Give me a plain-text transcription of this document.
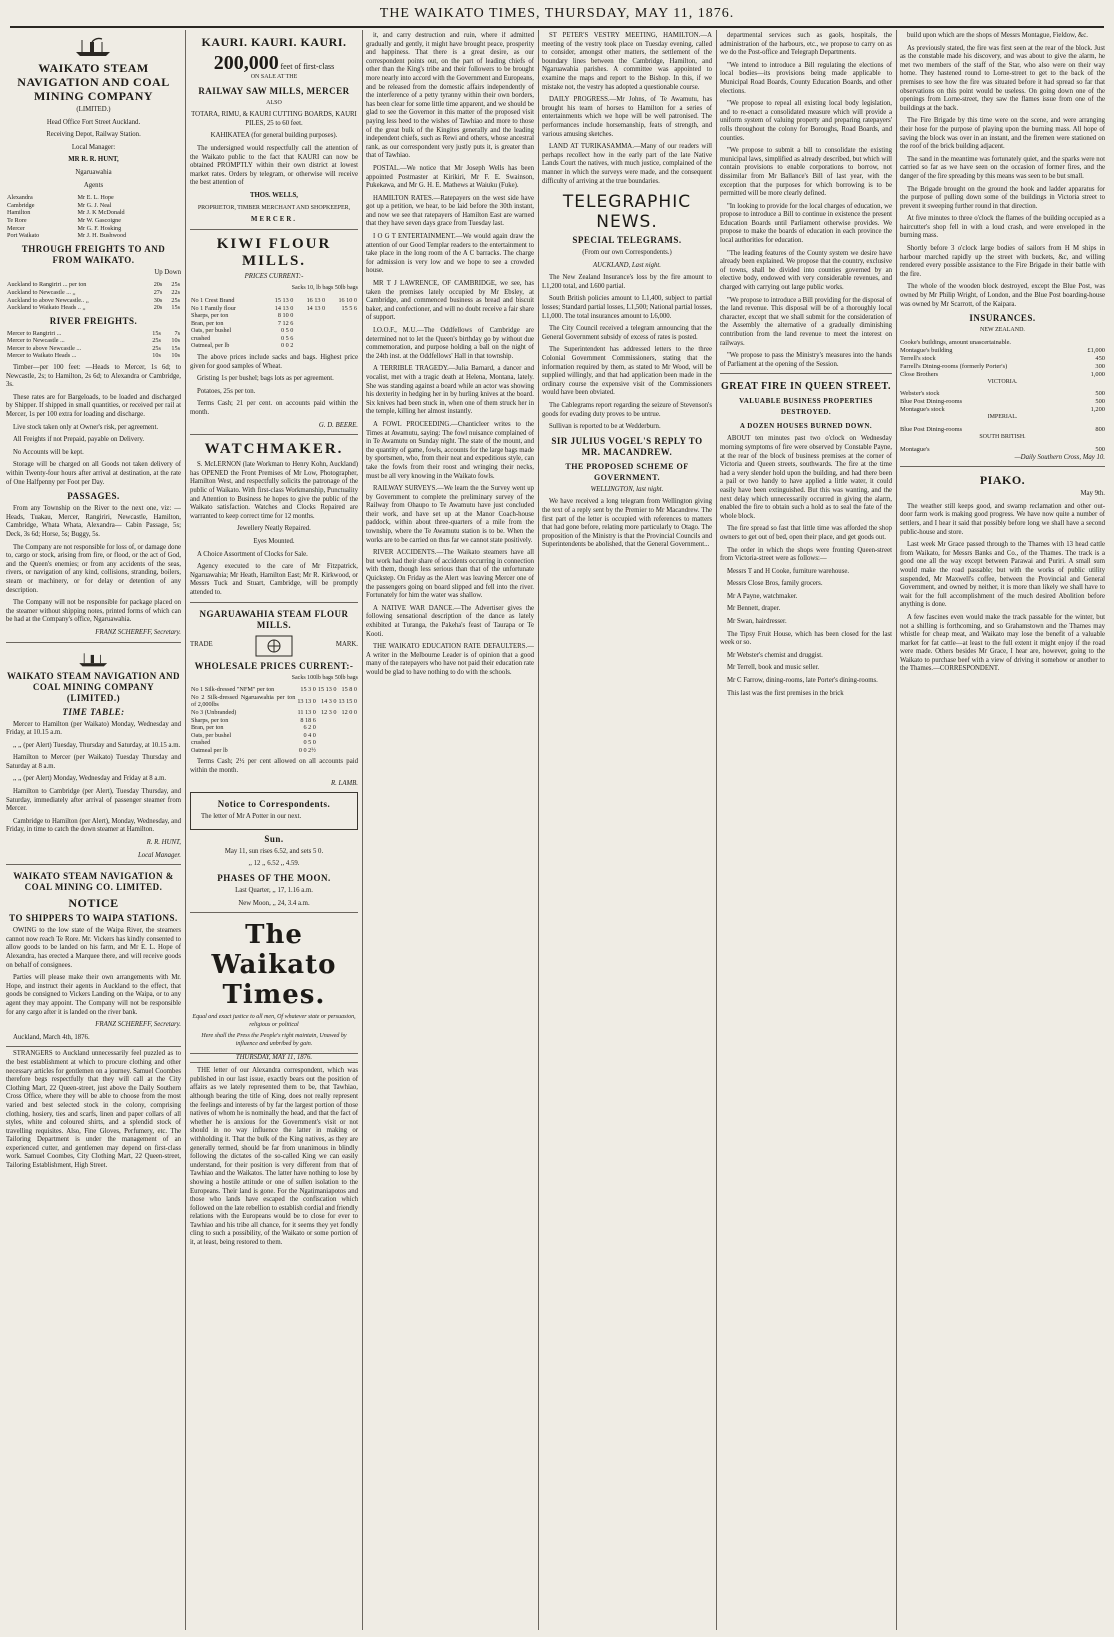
THE WAIKATO TIMES, THURSDAY, MAY 11, 1876.
WAIKATO STEAM NAVIGATION AND COAL MINING COMPANY

(LIMITED.)

Head Office Fort Street Auckland.

Receiving Depot, Railway Station.

Local Manager:

MR R. R. HUNT,

Ngaruawahia

Agents

Alexandra	Mr E. L. Hope
Cambridge	Mr G. J. Neal
Hamilton	Mr J. K McDonald
Te Rore	Mr W. Gascoigne
Mercer	Mr G. F. Hosking
Port Waikato	Mr J. H. Bushwood
THROUGH FREIGHTS TO AND FROM WAIKATO.

Up Down

Auckland to Rangiriri ... per ton	20s	25s
Auckland to Newcastle ... ,,	27s	22s
Auckland to above Newcastle.. ,,	30s	25s
Auckland to Waikato Heads .. ,,	20s	15s
RIVER FREIGHTS.
Mercer to Rangiriri ...	15s	7s
Mercer to Newcastle ...	25s	10s
Mercer to above Newcastle ...	25s	15s
Mercer to Waikato Heads ...	10s	10s

Timber—per 100 feet: —Heads to Mercer, 1s 6d; to Newcastle, 2s; to Hamilton, 2s 6d; to Alexandra or Cambridge, 3s.

These rates are for Bargeloads, to be loaded and discharged by Shipper. If shipped in small quantities, or received per rail at Mercer, 1s per 100 extra for loading and discharge.

Live stock taken only at Owner's risk, per agreement.

All Freights if not Prepaid, payable on Delivery.

No Accounts will be kept.

Storage will be charged on all Goods not taken delivery of within Twenty-four hours after arrival at destination, at the rate of One Halfpenny per Foot per Day.

PASSAGES.

From any Township on the River to the next one, viz: — Heads, Tuakau, Mercer, Rangiriri, Newcastle, Hamilton, Cambridge, Whata Whata, Alexandra— Cabin Passage, 5s; Deck, 3s 6d; Horse, 5s; Buggy, 5s.

The Company are not responsible for loss of, or damage done to, cargo or stock, arising from fire, or flood, or the act of God, and the Queen's enemies; or from any accidents of the seas, rivers, or navigation of any kind, collisions, stranding, boilers, steam or machinery, or for delay or detention of any description.

The Company will not be responsible for package placed on the steamer without shipping notes, printed forms of which can be had at the Company's office, Ngaruawahia.

FRANZ SCHEREFF, Secretary.

WAIKATO STEAM NAVIGATION AND COAL MINING COMPANY (LIMITED.)
TIME TABLE:

Mercer to Hamilton (per Waikato) Monday, Wednesday and Friday, at 10.15 a.m.

,, ,, (per Alert) Tuesday, Thursday and Saturday, at 10.15 a.m.

Hamilton to Mercer (per Waikato) Tuesday Thursday and Saturday at 8 a.m.

,, ,, (per Alert) Monday, Wednesday and Friday at 8 a.m.

Hamilton to Cambridge (per Alert), Tuesday Thursday, and Saturday, immediately after arrival of passenger steamer from Mercer.

Cambridge to Hamilton (per Alert), Monday, Wednesday, and Friday, in time to catch the down steamer at Hamilton.

R. R. HUNT,

Local Manager.

WAIKATO STEAM NAVIGATION & COAL MINING CO. LIMITED.
NOTICE
TO SHIPPERS TO WAIPA STATIONS.

OWING to the low state of the Waipa River, the steamers cannot now reach Te Rore. Mr. Vickers has kindly consented to allow goods to be landed on his farm, and Mr E. L. Hope of Alexandra, has erected a Marquee there, and will receive goods on behalf of consignees.

Parties will please make their own arrangements with Mr. Hope, and instruct their agents in Auckland to the effect, that goods be consigned to Vickers Landing on the Waipa, or to any agent they may appoint. The Company will not be responsible for any cargo after it is landed on the river bank.

FRANZ SCHEREFF, Secretary.

Auckland, March 4th, 1876.

STRANGERS to Auckland unnecessarily feel puzzled as to the best establishment at which to procure clothing and other necessary articles for gentlemen on a journey. Samuel Coombes therefore begs respectfully that they will call at the City Clothing Mart, 22 Queen-street, just above the Daily Southern Cross Office, where they will be able to choose from the most varied and best selected stock in the colony, comprising clothing, hosiery, ties and scarfs, linen and paper collars of all styles, white and coloured shirts, and a splendid stock of travelling requisites. Also, Fine Gloves, Perfumery, etc. The Tailoring Department is under the management of an experienced cutter, and gentlemen may depend on first-class work. Samuel Coombes, City Clothing Mart, 22 Queen-street, Tailoring Establishment, High Street.

KAURI. KAURI. KAURI.
200,000 feet of first-class

ON SALE AT THE

RAILWAY SAW MILLS, MERCER

ALSO

TOTARA, RIMU, & KAURI CUTTING BOARDS, KAURI PILES, 25 to 60 feet.

KAHIKATEA (for general building purposes).

The undersigned would respectfully call the attention of the Waikato public to the fact that KAURI can now be obtained PROMPTLY within their own district at lowest market rates. Orders by telegram, or otherwise will receive the best attention of

THOS. WELLS,

PROPRIETOR, TIMBER MERCHANT AND SHOPKEEPER,

MERCER.

KIWI FLOUR MILLS.

PRICES CURRENT:-

Sacks 10, lb bags 50lb bags

No 1 Crest Brand	15 13 0	16 13 0	16 10 0
No 1 Family flour	14 13 0	14 13 0	15 5 6
Sharps, per ton	8 10 0		
Bran, per ton	7 12 6		
Oats, per bushel	0 5 0		
crushed	0 5 6		
Oatmeal, per lb	0 0 2		

The above prices include sacks and bags. Highest price given for good samples of Wheat.

Gristing 1s per bushel; bags lots as per agreement.

Potatoes, 25s per ton.

Terms Cash; 21 per cent. on accounts paid within the month.

G. D. BEERE.

WATCHMAKER.

S. McLERNON (late Workman to Henry Kohn, Auckland) has OPENED the Front Premises of Mr Low, Photographer, Hamilton West, and respectfully solicits the patronage of the public of Waikato. With first-class Workmanship, Punctuality and Attention to Business he hopes to give the public of the Waikato satisfaction. Watches and Clocks Repaired are warranted to keep correct time for 12 months.

Jewellery Neatly Repaired.

Eyes Mounted.

A Choice Assortment of Clocks for Sale.

Agency executed to the care of Mr Fitzpatrick, Ngaruawahia; Mr Heath, Hamilton East; Mr R. Kirkwood, or Messrs Tuck and Stuart, Cambridge, will be promptly attended to.

NGARUAWAHIA STEAM FLOUR MILLS.
TRADE	MARK.
WHOLESALE PRICES CURRENT:-

Sacks 100lb bags 50lb bags

No 1 Silk-dressed "NFM" per ton	15 3 0	15 13 0	15 8 0
No 2 Silk-dressed Ngaruawahia per ton of 2,000lbs	13 13 0	14 3 0	13 15 0
No 3 (Unbranded)	11 13 0	12 3 0	12 0 0
Sharps, per ton	8 18 6		
Bran, per ton	6 2 0		
Oats, per bushel	0 4 0		
crushed	0 5 0		
Oatmeal per lb	0 0 2½		

Terms Cash; 2½ per cent allowed on all accounts paid within the month.

R. LAMB.

Notice to Correspondents.

The letter of Mr A Potter in our next.

Sun.

May 11, sun rises 6.52, and sets 5 0.

,, 12 ,, 6.52 ,, 4.59.

PHASES OF THE MOON.

Last Quarter, ,, 17, 1.16 a.m.

New Moon, ,, 24, 3.4 a.m.

The Waikato Times.

Equal and exact justice to all men, Of whatever state or persuasion, religious or political

Here shall the Press the People's right maintain, Unawed by influence and unbribed by gain.

THURSDAY, MAY 11, 1876.

THE letter of our Alexandra correspondent, which was published in our last issue, exactly bears out the position of affairs as we lately represented them to be, that Tawhiao, although bearing the title of King, does not really represent the feelings and interests of by far the largest portion of those natives of whom he is nominally the head, and that the fact of whether he is anxious for the Government's visit or not should in no way influence the latter in making or withholding it. That the bulk of the King natives, as they are generally termed, should be far from unanimous in blindly following the dictates of the so-called King we can easily understand, for their position is very different from that of Tawhiao and the Waikatos. The latter have nothing to lose by showing a hostile attitude or one of sullen isolation to the Europeans. Their land is gone. For the Ngatimaniapotos and those who lands have escaped the confiscation which followed on the late rebellion to establish cordial and friendly relations with the Europeans would be to close for ever to Tawhiao and his tribe all chance, for it seems they yet fondly cling to such a possibility, of the Waikato or some portion of it, at least, being restored to them.

it, and carry destruction and ruin, where if admitted gradually and gently, it might have brought peace, prosperity and happiness. That there is a great desire, as our correspondent points out, on the part of leading chiefs of other than the King's tribe and their followers to be brought more nearly into accord with the Government and Europeans, and be released from the domestic affairs independently of the interference of a petty tyranny within their own borders, has been clear for some little time apparent, and we should be glad to see the Governor in this matter of the proposed visit paying less heed to the wishes of Tawhiao and more to those of the great bulk of the Kingites generally and the leading independent chiefs, such as Rewi and others, whose ancestral rank, as our correspondent very justly puts it, is greater than that of Tawhiao.

POSTAL.—We notice that Mr Joseph Wells has been appointed Postmaster at Kirikiri, Mr F. E. Swainson, Pukekawa, and Mr G. H. E. Mathews at Waiuku (Fuke).

HAMILTON RATES.—Ratepayers on the west side have got up a petition, we hear, to be laid before the 30th instant, and now we see that ratepayers of Hamilton East are warned that they have seven days grace from Tuesday last.

I O G T ENTERTAINMENT.—We would again draw the attention of our Good Templar readers to the entertainment to take place in the long room of the A C barracks. The charge for admission is very low and we hope to see a crowded house.

MR T J LAWRENCE, OF CAMBRIDGE, we see, has taken the premises lately occupied by Mr Ebsley, at Cambridge, and commenced business as bread and biscuit baker, and confectioner, and will no doubt receive a fair share of support.

I.O.O.F., M.U.—The Oddfellows of Cambridge are determined not to let the Queen's birthday go by without due commemoration, and purpose holding a ball on the night of the 24th inst. at the Oddfellows' Hall in that township.

A TERRIBLE TRAGEDY.—Julia Barnard, a dancer and vocalist, met with a tragic death at Helena, Montana, lately. She was standing against a board while an actor was showing his dexterity in hedging her in by hurling knives at the board. Six knives had been stuck in, when one of them struck her in the temple, killing her almost instantly.

A FOWL PROCEEDING.—Chanticleer writes to the Times at Awamutu, saying: The fowl nuisance complained of in Te Awamutu on Sunday night. The state of the mount, and the quantity of game, fowls, accounts for the large bags made by sportsmen, who, from their neat and expeditious style, can take the fowls from their roost and wringing their necks, must be all very knowing in the Waikato fowls.

RAILWAY SURVEYS.—We learn the the Survey went up by Government to complete the preliminary survey of the Railway from Ohaupo to Te Awamutu have just concluded their work, and have set up at the Manor Coach-house paddock, within about three-quarters of a mile from the township, where the Te Awamutu station is to be. When the works are to be carried on thus far we cannot state positively.

RIVER ACCIDENTS.—The Waikato steamers have all but work had their share of accidents occurring in connection with them, though less serious than that of the unfortunate Quickstep. On Friday as the Alert was leaving Mercer one of the passengers going on board slipped and fell into the river. Fortunately for him the water was shallow.

A NATIVE WAR DANCE.—The Advertiser gives the following sensational description of the dance as lately exhibited at Turanga, the Pakeha's feast of Taurapa or Te Kooti.

THE WAIKATO EDUCATION RATE DEFAULTERS.—A writer in the Melbourne Leader is of opinion that a good many of the ratepayers who have not paid their education rate would be glad to have nothing to do with the schools.

ST PETER'S VESTRY MEETING, HAMILTON.—A meeting of the vestry took place on Tuesday evening, called to consider, amongst other matters, the settlement of the boundary lines between the Cambridge, Hamilton, and Ngaruawahia parishes. A committee was appointed to examine the maps and report to the Bishop. In this, if we mistake not, the vestry has adopted a questionable course.

DAILY PROGRESS.—Mr Johns, of Te Awamutu, has brought his team of horses to Hamilton for a series of entertainments which we hope will be well patronised. The performances include horsemanship, feats of strength, and various amusing sketches.

LAND AT TURIKASAMMA.—Many of our readers will perhaps recollect how in the early part of the late Native Lands Court the natives, with much justice, complained of the manner in which the surveys were made, and the consequent difficulty of arriving at the true boundaries.

TELEGRAPHIC NEWS.
SPECIAL TELEGRAMS.

(From our own Correspondents.)

AUCKLAND, Last night.

The New Zealand Insurance's loss by the fire amount to L1,200 total, and L600 partial.

South British policies amount to L1,400, subject to partial losses; Standard partial losses, L1,500; National partial losses, L1,000. The total insurances amount to L6,000.

The City Council received a telegram announcing that the General Government subsidy of excess of rates is posted.

The Superintendent has addressed letters to the three Colonial Government Commissioners, stating that the information required by them, as stated to Mr Wood, will be supplied willingly, and that had application been made in the ordinary course the expensive visit of the Commissioners would have been obviated.

The Cablegrams report regarding the seizure of Stevenson's goods for evading duty proves to be untrue.

Sullivan is reported to be at Wedderburn.

SIR JULIUS VOGEL'S REPLY TO MR. MACANDREW.
THE PROPOSED SCHEME OF GOVERNMENT.

WELLINGTON, last night.

We have received a long telegram from Wellington giving the text of a reply sent by the Premier to Mr Macandrew. The first part of the letter is occupied with references to matters that had gone before, relating more particularly to Otago. The proposition of the Ministry is that the Provincial Councils and Superintendents be abolished, that the General Government...

departmental services such as gaols, hospitals, the administration of the harbours, etc., we propose to carry on as we do the Post-office and Telegraph Departments.

"We intend to introduce a Bill regulating the elections of local bodies—its provisions being made applicable to Municipal Road Boards, County Education Boards, and other elections.

"We propose to repeal all existing local body legislation, and to re-enact a consolidated measure which will provide a uniform system of valuing property and preparing ratepayers' rolls throughout the colony for Boroughs, Road Boards, and counties.

"We propose to submit a bill to consolidate the existing municipal laws, simplified as already described, but which will contain provisions to enable corporations to borrow, not dissimilar from Mr Ballance's Bill of last year, with the exception that the purposes for which borrowing is to be permitted will be more clearly defined.

"In looking to provide for the local charges of education, we propose to introduce a Bill to continue in existence the present Education Boards until Parliament otherwise provides. We propose to make the boards of education in each province the local authorities for education.

"The leading features of the County system we desire have already been explained. We propose that the country, exclusive of towns, shall be divided into counties governed by an elective body, endowed with very considerable revenues, and charged with carrying out large public works.

"We propose to introduce a Bill providing for the disposal of the land revenue. This disposal will be of a thoroughly local character, except that we shall submit for the consideration of the Assembly the alternative of a gradually diminishing contribution from the land revenue to meet the interest on railways.

"We propose to pass the Ministry's measures into the hands of Parliament at the opening of the Session.

GREAT FIRE IN QUEEN STREET.
VALUABLE BUSINESS PROPERTIES DESTROYED.
A DOZEN HOUSES BURNED DOWN.

ABOUT ten minutes past two o'clock on Wednesday morning symptoms of fire were observed by Constable Payne, at the rear of the block of business premises at the corner of Victoria and Queen streets, southwards. The fire at the time had a very slender hold upon the building, and had there been a pail or two handy to have applied a little water, it could easily have been extinguished. But this was wanting, and the next delay which unnecessarily occurred in giving the alarm, enabled the fire to obtain such a hold as to seal the fate of the whole block.

The fire spread so fast that little time was afforded the shop owners to get out of bed, open their place, and get goods out.

The order in which the shops were fronting Queen-street from Victoria-street were as follows:—

Messrs T and H Cooke, furniture warehouse.

Messrs Close Bros, family grocers.

Mr A Payne, watchmaker.

Mr Bennett, draper.

Mr Swan, hairdresser.

The Tipsy Fruit House, which has been closed for the last week or so.

Mr Webster's chemist and druggist.

Mr Terrell, book and music seller.

Mr C Farrow, dining-rooms, late Porter's dining-rooms.

This last was the first premises in the brick

build upon which are the shops of Messrs Montague, Fieldow, &c.

As previously stated, the fire was first seen at the rear of the block. Just as the constable made his discovery, and was about to give the alarm, he met two members of the staff of the Star, who also were on their way home. They hastened round to Lorne-street to get to the back of the premises to see how the fire was situated before it had spread so far that observations on this point would be useless. On going down one of the openings from Lorne-street, they saw the flames issue from one of the buildings at the back.

The Fire Brigade by this time were on the scene, and were arranging their hose for the purpose of playing upon the burning mass. All hope of saving the block was over in an instant, and the firemen were stationed on the roof of the brick building adjacent.

The sand in the meantime was fortunately quiet, and the sparks were not carried so far as we have seen on the occasion of former fires, and the danger of the fire spreading by this means was seen to be but small.

The Brigade brought on the ground the hook and ladder apparatus for the purpose of pulling down some of the buildings in Victoria street to prevent it sweeping further round in that direction.

At five minutes to three o'clock the flames of the building occupied as a haircutter's shop fell in with a loud crash, and were enveloped in the burning mass.

Shortly before 3 o'clock large bodies of sailors from H M ships in harbour marched rapidly up the street with buckets, &c, and willing rendered every possible assistance to the Fire Brigade in their battle with the fire.

The whole of the wooden block destroyed, except the Blue Post, was owned by Mr Philip Wright, of London, and the Blue Post boarding-house was owned by Mr Scarrott, of the Kaipara.

INSURANCES.

NEW ZEALAND.

Cooke's buildings, amount unascertainable.
Montague's building	£1,000
Terrell's stock	450
Farrell's Dining-rooms (formerly Porter's)	300
Close Brothers	1,000

VICTORIA.

Webster's stock	500
Blue Post Dining-rooms	500
Montague's stock	1,200

IMPERIAL.

Blue Post Dining-rooms	800

SOUTH BRITISH.

Montague's	500

—Daily Southern Cross, May 10.

PIAKO.

May 9th.

The weather still keeps good, and swamp reclamation and other out-door farm work is making good progress. We have now quite a number of settlers, and I hear it said that possibly before long we shall have a second public-house and store.

Last week Mr Grace passed through to the Thames with 13 head cattle from Waikato, for Messrs Banks and Co., of the Thames. The track is a good one all the way except between Parawai and Puriri. A small sum would make the road passable; but with the works of public utility suspended, Mr Maxwell's coffee, between the Provincial and General Government, and owned by neither, it is more than likely we shall have to wait for the full accomplishment of the much desired Abolition before anything is done.

A few fascines even would make the track passable for the winter, but not a shilling is forthcoming, and so Grahamstown and the Thames may whistle for cheap meat, and Waikato may lose the benefit of a valuable market for fat cattle—at least to the full extent it might enjoy if the road were made. Others besides Mr Grace, I hear are, however, going to the Waikato to purchase beef with a view of driving it somehow or another to the Thames.—CORRESPONDENT.
